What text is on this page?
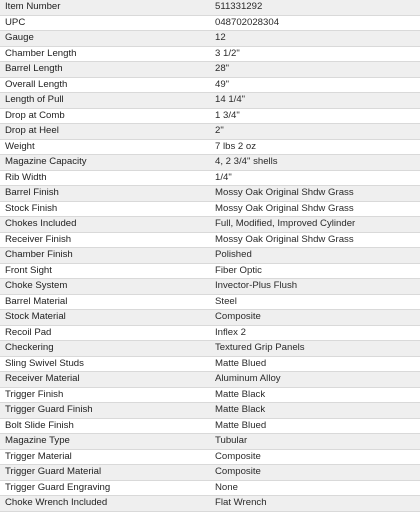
Item Number	511331292
UPC	048702028304
Gauge	12
Chamber Length	3 1/2"
Barrel Length	28"
Overall Length	49"
Length of Pull	14 1/4"
Drop at Comb	1 3/4"
Drop at Heel	2"
Weight	7 lbs 2 oz
Magazine Capacity	4, 2 3/4" shells
Rib Width	1/4"
Barrel Finish	Mossy Oak Original Shdw Grass
Stock Finish	Mossy Oak Original Shdw Grass
Chokes Included	Full, Modified, Improved Cylinder
Receiver Finish	Mossy Oak Original Shdw Grass
Chamber Finish	Polished
Front Sight	Fiber Optic
Choke System	Invector-Plus Flush
Barrel Material	Steel
Stock Material	Composite
Recoil Pad	Inflex 2
Checkering	Textured Grip Panels
Sling Swivel Studs	Matte Blued
Receiver Material	Aluminum Alloy
Trigger Finish	Matte Black
Trigger Guard Finish	Matte Black
Bolt Slide Finish	Matte Blued
Magazine Type	Tubular
Trigger Material	Composite
Trigger Guard Material	Composite
Trigger Guard Engraving	None
Choke Wrench Included	Flat Wrench
